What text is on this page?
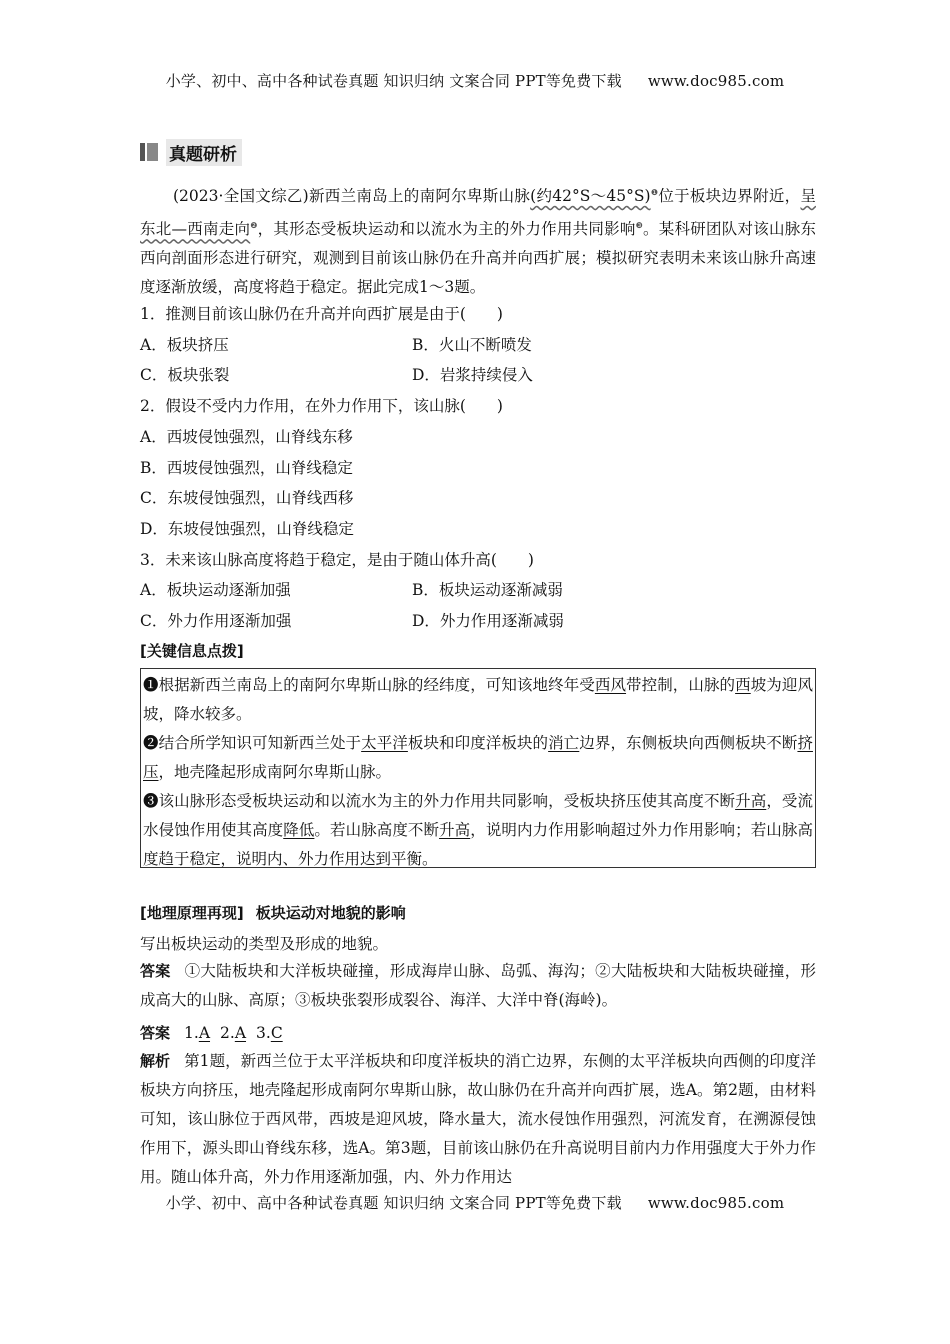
小学、初中、高中各种试卷真题 知识归纳 文案合同 PPT等免费下载 www.doc985.com
真题研析

(2023·全国文综乙)新西兰南岛上的南阿尔卑斯山脉(约42°S～45°S)$^❶$位于板块边界附近，呈东北—西南走向$^❷$，其形态受板块运动和以流水为主的外力作用共同影响$^❸$。某科研团队对该山脉东西向剖面形态进行研究，观测到目前该山脉仍在升高并向西扩展；模拟研究表明未来该山脉升高速度逐渐放缓，高度将趋于稳定。据此完成1～3题。

1．推测目前该山脉仍在升高并向西扩展是由于(　　)
A．板块挤压	B．火山不断喷发
C．板块张裂	D．岩浆持续侵入
2．假设不受内力作用，在外力作用下，该山脉(　　)
A．西坡侵蚀强烈，山脊线东移
B．西坡侵蚀强烈，山脊线稳定
C．东坡侵蚀强烈，山脊线西移
D．东坡侵蚀强烈，山脊线稳定
3．未来该山脉高度将趋于稳定，是由于随山体升高(　　)
A．板块运动逐渐加强	B．板块运动逐渐减弱
C．外力作用逐渐加强	D．外力作用逐渐减弱
[关键信息点拨]

❶根据新西兰南岛上的南阿尔卑斯山脉的经纬度，可知该地终年受西风带控制，山脉的西坡为迎风坡，降水较多。

❷结合所学知识可知新西兰处于太平洋板块和印度洋板块的消亡边界，东侧板块向西侧板块不断挤压，地壳隆起形成南阿尔卑斯山脉。

❸该山脉形态受板块运动和以流水为主的外力作用共同影响，受板块挤压使其高度不断升高，受流水侵蚀作用使其高度降低。若山脉高度不断升高，说明内力作用影响超过外力作用影响；若山脉高度趋于稳定，说明内、外力作用达到平衡。

[地理原理再现] 板块运动对地貌的影响
写出板块运动的类型及形成的地貌。

答案 ①大陆板块和大洋板块碰撞，形成海岸山脉、岛弧、海沟；②大陆板块和大陆板块碰撞，形成高大的山脉、高原；③板块张裂形成裂谷、海洋、大洋中脊(海岭)。

答案 1.A 2.A 3.C

解析 第1题，新西兰位于太平洋板块和印度洋板块的消亡边界，东侧的太平洋板块向西侧的印度洋板块方向挤压，地壳隆起形成南阿尔卑斯山脉，故山脉仍在升高并向西扩展，选A。第2题，由材料可知，该山脉位于西风带，西坡是迎风坡，降水量大，流水侵蚀作用强烈，河流发育，在溯源侵蚀作用下，源头即山脊线东移，选A。第3题，目前该山脉仍在升高说明目前内力作用强度大于外力作用。随山体升高，外力作用逐渐加强，内、外力作用达

小学、初中、高中各种试卷真题 知识归纳 文案合同 PPT等免费下载 www.doc985.com
